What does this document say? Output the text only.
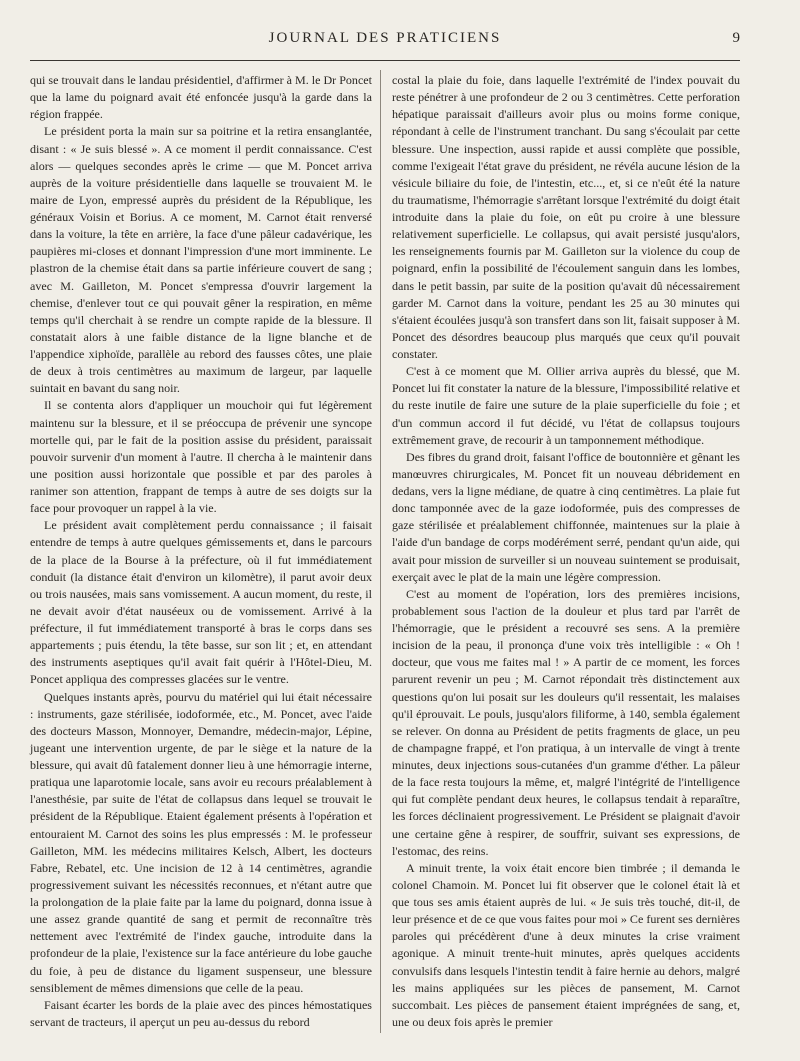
JOURNAL DES PRATICIENS	9

qui se trouvait dans le landau présidentiel, d'affirmer à M. le Dr Poncet que la lame du poignard avait été enfoncée jusqu'à la garde dans la région frappée.

Le président porta la main sur sa poitrine et la retira ensanglantée, disant : « Je suis blessé ». A ce moment il perdit connaissance. C'est alors — quelques secondes après le crime — que M. Poncet arriva auprès de la voiture présidentielle dans laquelle se trouvaient M. le maire de Lyon, empressé auprès du président de la République, les généraux Voisin et Borius. A ce moment, M. Carnot était renversé dans la voiture, la tête en arrière, la face d'une pâleur cadavérique, les paupières mi-closes et donnant l'impression d'une mort imminente. Le plastron de la chemise était dans sa partie inférieure couvert de sang ; avec M. Gailleton, M. Poncet s'empressa d'ouvrir largement la chemise, d'enlever tout ce qui pouvait gêner la respiration, en même temps qu'il cherchait à se rendre un compte rapide de la blessure. Il constatait alors à une faible distance de la ligne blanche et de l'appendice xiphoïde, parallèle au rebord des fausses côtes, une plaie de deux à trois centimètres au maximum de largeur, par laquelle suintait en bavant du sang noir.

Il se contenta alors d'appliquer un mouchoir qui fut légèrement maintenu sur la blessure, et il se préoccupa de prévenir une syncope mortelle qui, par le fait de la position assise du président, paraissait pouvoir survenir d'un moment à l'autre. Il chercha à le maintenir dans une position aussi horizontale que possible et par des paroles à ranimer son attention, frappant de temps à autre de ses doigts sur la face pour provoquer un rappel à la vie.

Le président avait complètement perdu connaissance ; il faisait entendre de temps à autre quelques gémissements et, dans le parcours de la place de la Bourse à la préfecture, où il fut immédiatement conduit (la distance était d'environ un kilomètre), il parut avoir deux ou trois nausées, mais sans vomissement. A aucun moment, du reste, il ne devait avoir d'état nauséeux ou de vomissement. Arrivé à la préfecture, il fut immédiatement transporté à bras le corps dans ses appartements ; puis étendu, la tête basse, sur son lit ; et, en attendant des instruments aseptiques qu'il avait fait quérir à l'Hôtel-Dieu, M. Poncet appliqua des compresses glacées sur le ventre.

Quelques instants après, pourvu du matériel qui lui était nécessaire : instruments, gaze stérilisée, iodoformée, etc., M. Poncet, avec l'aide des docteurs Masson, Monnoyer, Demandre, médecin-major, Lépine, jugeant une intervention urgente, de par le siège et la nature de la blessure, qui avait dû fatalement donner lieu à une hémorragie interne, pratiqua une laparotomie locale, sans avoir eu recours préalablement à l'anesthésie, par suite de l'état de collapsus dans lequel se trouvait le président de la République. Etaient également présents à l'opération et entouraient M. Carnot des soins les plus empressés : M. le professeur Gailleton, MM. les médecins militaires Kelsch, Albert, les docteurs Fabre, Rebatel, etc. Une incision de 12 à 14 centimètres, agrandie progressivement suivant les nécessités reconnues, et n'étant autre que la prolongation de la plaie faite par la lame du poignard, donna issue à une assez grande quantité de sang et permit de reconnaître très nettement avec l'extrémité de l'index gauche, introduite dans la profondeur de la plaie, l'existence sur la face antérieure du lobe gauche du foie, à peu de distance du ligament suspenseur, une blessure sensiblement de mêmes dimensions que celle de la peau.

Faisant écarter les bords de la plaie avec des pinces hémostatiques servant de tracteurs, il aperçut un peu au-dessus du rebord

costal la plaie du foie, dans laquelle l'extrémité de l'index pouvait du reste pénétrer à une profondeur de 2 ou 3 centimètres. Cette perforation hépatique paraissait d'ailleurs avoir plus ou moins forme conique, répondant à celle de l'instrument tranchant. Du sang s'écoulait par cette blessure. Une inspection, aussi rapide et aussi complète que possible, comme l'exigeait l'état grave du président, ne révéla aucune lésion de la vésicule biliaire du foie, de l'intestin, etc..., et, si ce n'eût été la nature du traumatisme, l'hémorragie s'arrêtant lorsque l'extrémité du doigt était introduite dans la plaie du foie, on eût pu croire à une blessure relativement superficielle. Le collapsus, qui avait persisté jusqu'alors, les renseignements fournis par M. Gailleton sur la violence du coup de poignard, enfin la possibilité de l'écoulement sanguin dans les lombes, dans le petit bassin, par suite de la position qu'avait dû nécessairement garder M. Carnot dans la voiture, pendant les 25 au 30 minutes qui s'étaient écoulées jusqu'à son transfert dans son lit, faisait supposer à M. Poncet des désordres beaucoup plus marqués que ceux qu'il pouvait constater.

C'est à ce moment que M. Ollier arriva auprès du blessé, que M. Poncet lui fit constater la nature de la blessure, l'impossibilité relative et du reste inutile de faire une suture de la plaie superficielle du foie ; et d'un commun accord il fut décidé, vu l'état de collapsus toujours extrêmement grave, de recourir à un tamponnement méthodique.

Des fibres du grand droit, faisant l'office de boutonnière et gênant les manœuvres chirurgicales, M. Poncet fit un nouveau débridement en dedans, vers la ligne médiane, de quatre à cinq centimètres. La plaie fut donc tamponnée avec de la gaze iodoformée, puis des compresses de gaze stérilisée et préalablement chiffonnée, maintenues sur la plaie à l'aide d'un bandage de corps modérément serré, pendant qu'un aide, qui avait pour mission de surveiller si un nouveau suintement se produisait, exerçait avec le plat de la main une légère compression.

C'est au moment de l'opération, lors des premières incisions, probablement sous l'action de la douleur et plus tard par l'arrêt de l'hémorragie, que le président a recouvré ses sens. A la première incision de la peau, il prononça d'une voix très intelligible : « Oh ! docteur, que vous me faites mal ! » A partir de ce moment, les forces parurent revenir un peu ; M. Carnot répondait très distinctement aux questions qu'on lui posait sur les douleurs qu'il ressentait, les malaises qu'il éprouvait. Le pouls, jusqu'alors filiforme, à 140, sembla également se relever. On donna au Président de petits fragments de glace, un peu de champagne frappé, et l'on pratiqua, à un intervalle de vingt à trente minutes, deux injections sous-cutanées d'un gramme d'éther. La pâleur de la face resta toujours la même, et, malgré l'intégrité de l'intelligence qui fut complète pendant deux heures, le collapsus tendait à reparaître, les forces déclinaient progressivement. Le Président se plaignait d'avoir une certaine gêne à respirer, de souffrir, suivant ses expressions, de l'estomac, des reins.

A minuit trente, la voix était encore bien timbrée ; il demanda le colonel Chamoin. M. Poncet lui fit observer que le colonel était là et que tous ses amis étaient auprès de lui. « Je suis très touché, dit-il, de leur présence et de ce que vous faites pour moi » Ce furent ses dernières paroles qui précédèrent d'une à deux minutes la crise vraiment agonique. A minuit trente-huit minutes, après quelques accidents convulsifs dans lesquels l'intestin tendit à faire hernie au dehors, malgré les mains appliquées sur les pièces de pansement, M. Carnot succombait. Les pièces de pansement étaient imprégnées de sang, et, une ou deux fois après le premier
